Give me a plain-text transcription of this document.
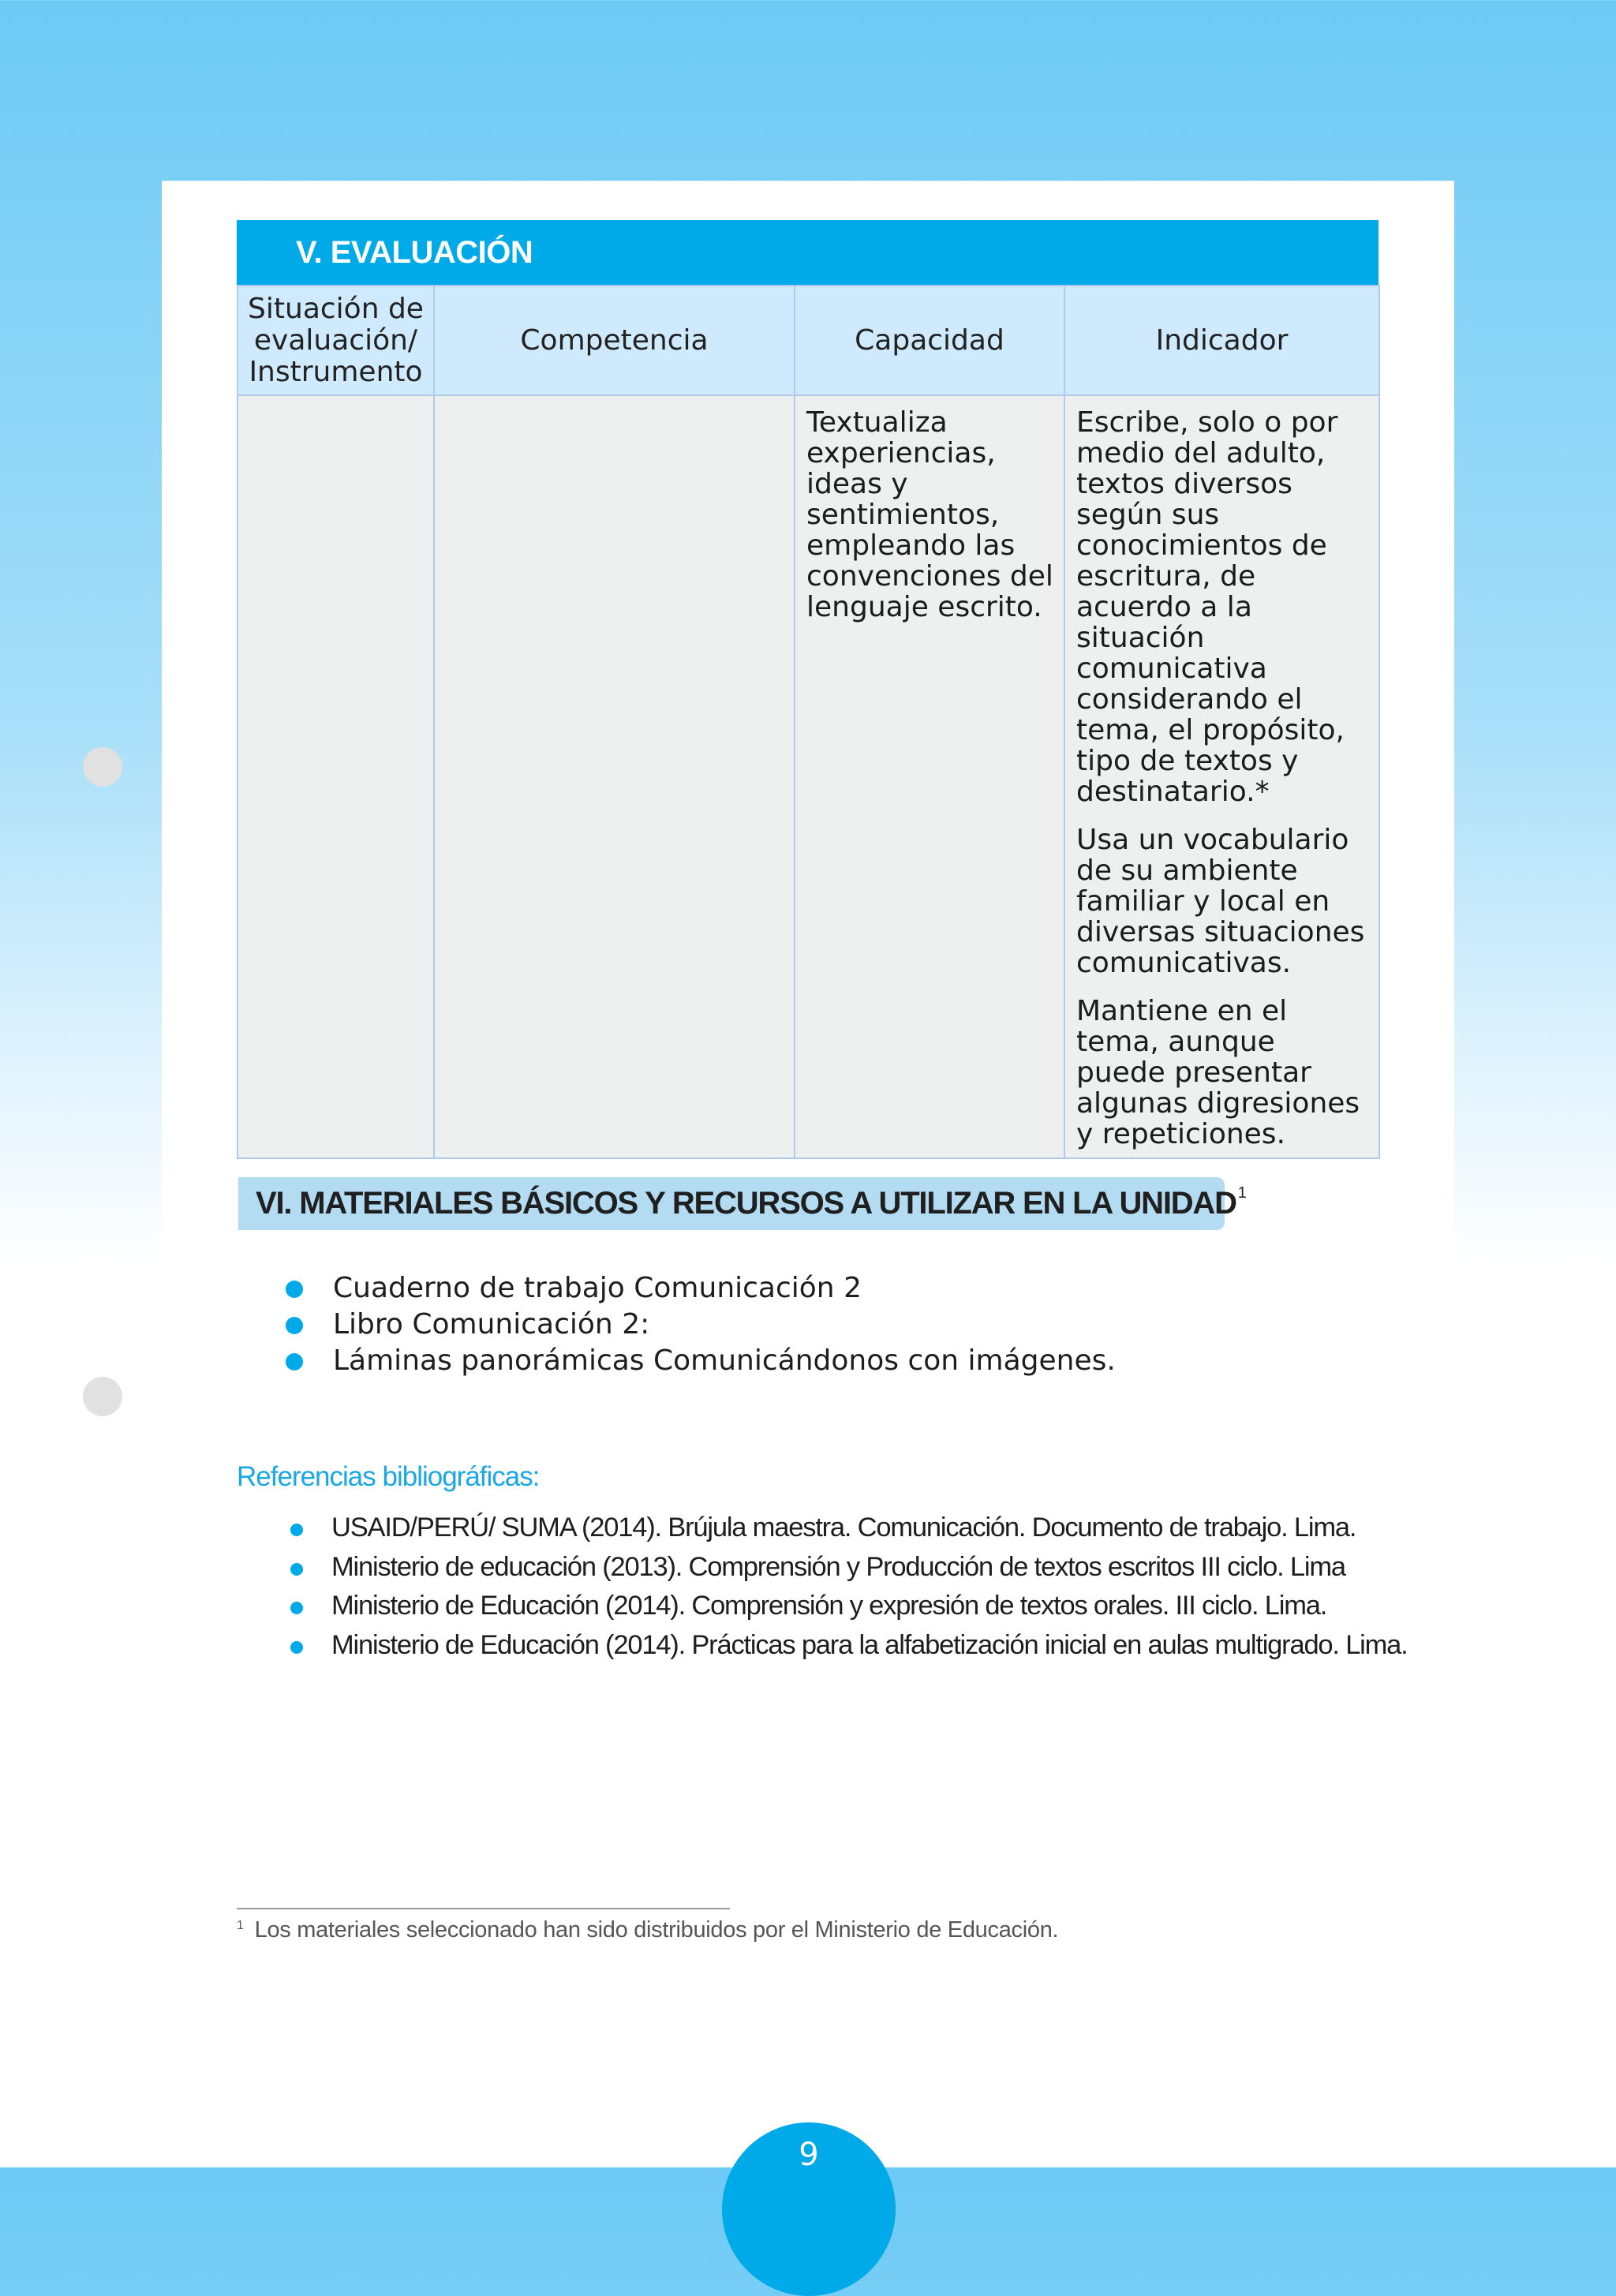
V. EVALUACIÓN
Situación de evaluación/ Instrumento	Competencia	Capacidad	Indicador
		Textualiza experiencias, ideas y sentimientos, empleando las convenciones del lenguaje escrito.	Escribe, solo o por medio del adulto, textos diversos según sus conocimientos de escritura, de acuerdo a la situación comunicativa considerando el tema, el propósito, tipo de textos y destinatario.*

Usa un vocabulario de su ambiente familiar y local en diversas situaciones comunicativas.

Mantiene en el tema, aunque puede presentar algunas digresiones y repeticiones.

VI. MATERIALES BÁSICOS Y RECURSOS A UTILIZAR EN LA UNIDAD $^1$
Cuaderno de trabajo Comunicación 2
Libro Comunicación 2:
Láminas panorámicas Comunicándonos con imágenes.
Referencias bibliográficas:
USAID/PERÚ/ SUMA (2014). Brújula maestra. Comunicación. Documento de trabajo. Lima.
Ministerio de educación (2013). Comprensión y Producción de textos escritos III ciclo. Lima
Ministerio de Educación (2014). Comprensión y expresión de textos orales. III ciclo. Lima.
Ministerio de Educación (2014). Prácticas para la alfabetización inicial en aulas multigrado. Lima.
$^1$ Los materiales seleccionado han sido distribuidos por el Ministerio de Educación.
9
